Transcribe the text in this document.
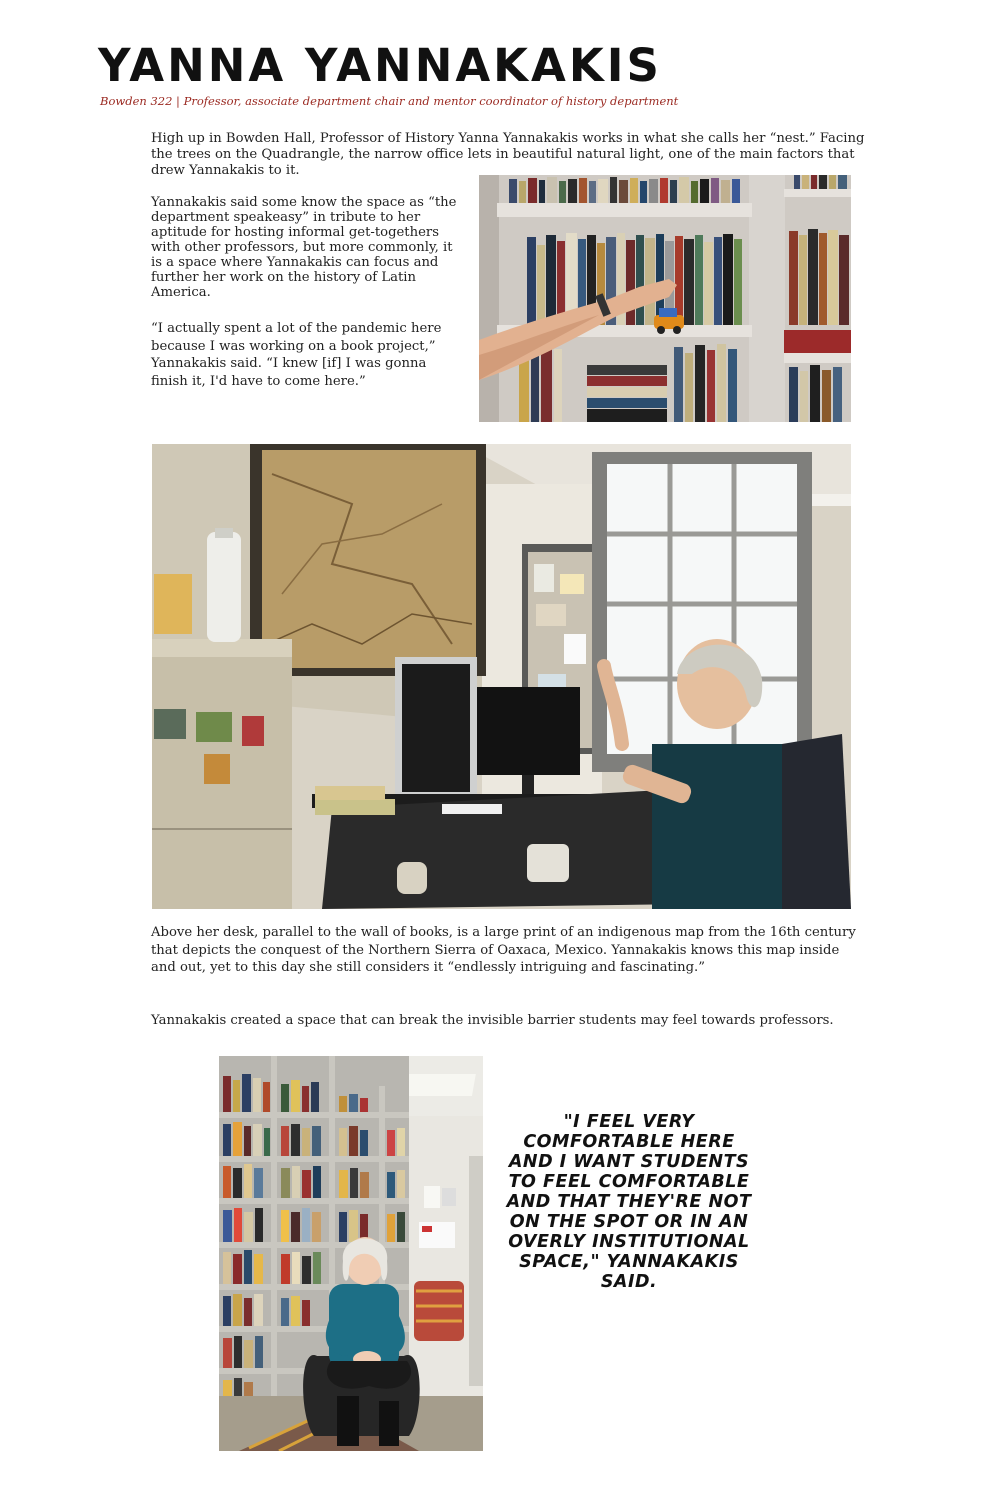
YANNA YANNAKAKIS
Bowden 322 | Professor, associate department chair and mentor coordinator of history department

High up in Bowden Hall, Professor of History Yanna Yannakakis works in what she calls her “nest.” Facing the trees on the Quadrangle, the narrow office lets in beautiful natural light, one of the main factors that drew Yannakakis to it.

Yannakakis said some know the space as “the department speakeasy” in tribute to her aptitude for hosting informal get-togethers with other professors, but more commonly, it is a space where Yannakakis can focus and further her work on the history of Latin America.

“I actually spent a lot of the pandemic here because I was working on a book project,” Yannakakis said. “I knew [if] I was gonna finish it, I'd have to come here.”

Above her desk, parallel to the wall of books, is a large print of an indigenous map from the 16th century that depicts the conquest of the Northern Sierra of Oaxaca, Mexico. Yannakakis knows this map inside and out, yet to this day she still considers it “endlessly intriguing and fascinating.”

Yannakakis created a space that can break the invisible barrier students may feel towards professors.

"I FEEL VERY COMFORTABLE HERE AND I WANT STUDENTS TO FEEL COMFORTABLE AND THAT THEY'RE NOT ON THE SPOT OR IN AN OVERLY INSTITUTIONAL SPACE," YANNAKAKIS SAID.
